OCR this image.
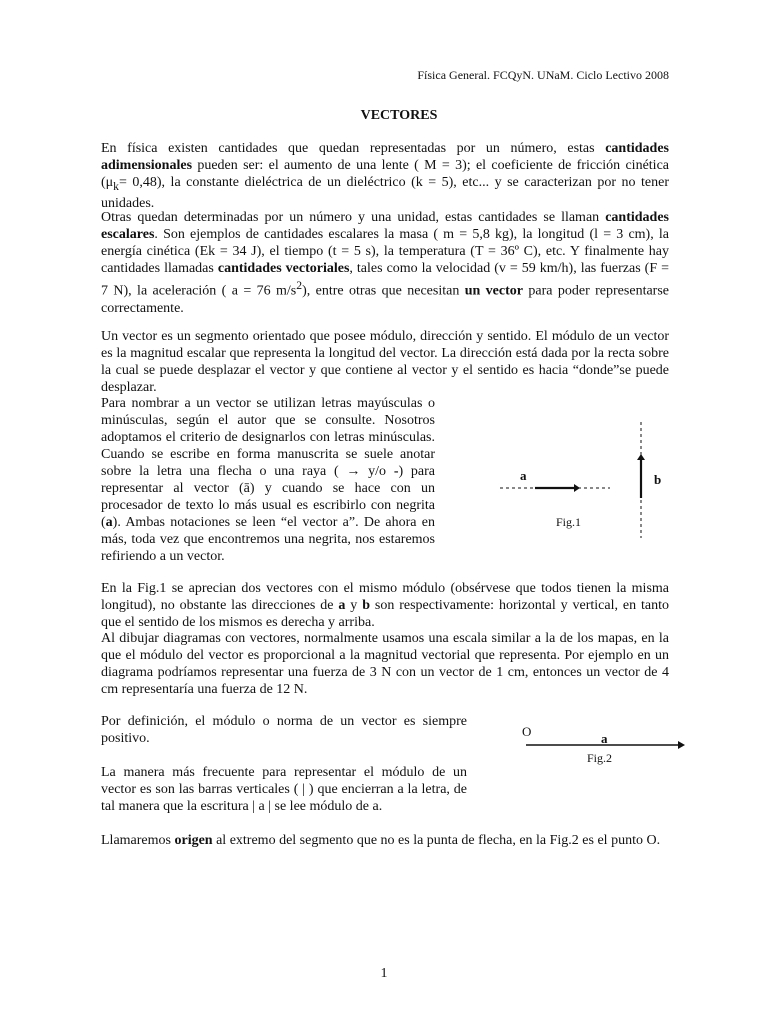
Física General. FCQyN. UNaM. Ciclo Lectivo 2008
VECTORES
En física existen cantidades que quedan representadas por un número, estas cantidades adimensionales pueden ser: el aumento de una lente ( M = 3); el coeficiente de fricción cinética $(\mu_k= 0,48)$, la constante dieléctrica de un dieléctrico (k = 5), etc... y se caracterizan por no tener unidades.
Otras quedan determinadas por un número y una unidad, estas cantidades se llaman cantidades escalares. Son ejemplos de cantidades escalares la masa ( m = 5,8 kg), la longitud (l = 3 cm), la energía cinética (Ek = 34 J), el tiempo (t = 5 s), la temperatura (T = 36º C), etc. Y finalmente hay cantidades llamadas cantidades vectoriales, tales como la velocidad (v = 59 km/h), las fuerzas (F = 7 N), la aceleración ( a = 76 $m/s^2$), entre otras que necesitan un vector para poder representarse correctamente.
Un vector es un segmento orientado que posee módulo, dirección y sentido. El módulo de un vector es la magnitud escalar que representa la longitud del vector. La dirección está dada por la recta sobre la cual se puede desplazar el vector y que contiene al vector y el sentido es hacia “donde”se puede desplazar.
Para nombrar a un vector se utilizan letras mayúsculas o minúsculas, según el autor que se consulte. Nosotros adoptamos el criterio de designarlos con letras minúsculas. Cuando se escribe en forma manuscrita se suele anotar sobre la letra una flecha o una raya ( → y/o -) para representar al vector (ā) y cuando se hace con un procesador de texto lo más usual es escribirlo con negrita (a). Ambas notaciones se leen “el vector a”. De ahora en más, toda vez que encontremos una negrita, nos estaremos refiriendo a un vector.
a	b
Fig.1
En la Fig.1 se aprecian dos vectores con el mismo módulo (obsérvese que todos tienen la misma longitud), no obstante las direcciones de a y b son respectivamente: horizontal y vertical, en tanto que el sentido de los mismos es derecha y arriba.
Al dibujar diagramas con vectores, normalmente usamos una escala similar a la de los mapas, en la que el módulo del vector es proporcional a la magnitud vectorial que representa. Por ejemplo en un diagrama podríamos representar una fuerza de 3 N con un vector de 1 cm, entonces un vector de 4 cm representaría una fuerza de 12 N.
Por definición, el módulo o norma de un vector es siempre positivo.
La manera más frecuente para representar el módulo de un vector es son las barras verticales ( | ) que encierran a la letra, de tal manera que la escritura | a | se lee módulo de a.
O	a
Fig.2
Llamaremos origen al extremo del segmento que no es la punta de flecha, en la Fig.2 es el punto O.
1
